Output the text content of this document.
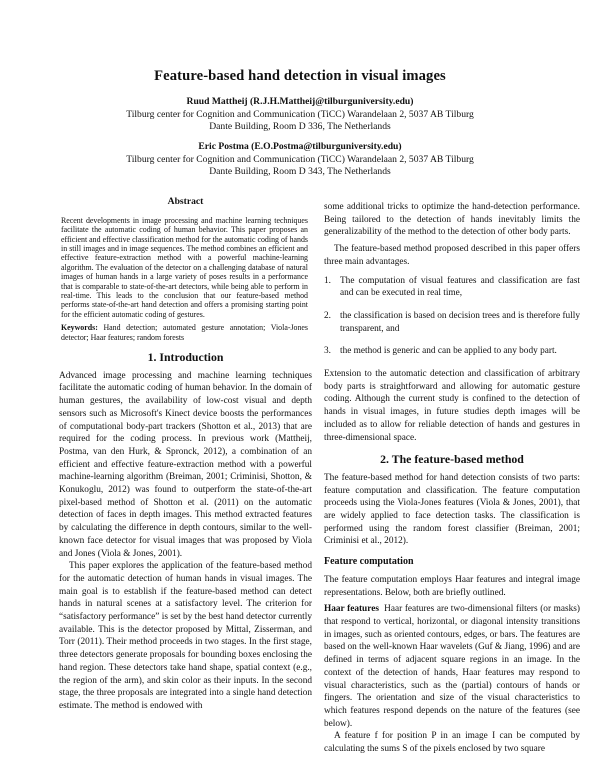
Feature-based hand detection in visual images
Ruud Mattheij (R.J.H.Mattheij@tilburguniversity.edu)
Tilburg center for Cognition and Communication (TiCC) Warandelaan 2, 5037 AB Tilburg
Dante Building, Room D 336, The Netherlands
Eric Postma (E.O.Postma@tilburguniversity.edu)
Tilburg center for Cognition and Communication (TiCC) Warandelaan 2, 5037 AB Tilburg
Dante Building, Room D 343, The Netherlands
Abstract

Recent developments in image processing and machine learning techniques facilitate the automatic coding of human behavior. This paper proposes an efficient and effective classification method for the automatic coding of hands in still images and in image sequences. The method combines an efficient and effective feature-extraction method with a powerful machine-learning algorithm. The evaluation of the detector on a challenging database of natural images of human hands in a large variety of poses results in a performance that is comparable to state-of-the-art detectors, while being able to perform in real-time. This leads to the conclusion that our feature-based method performs state-of-the-art hand detection and offers a promising starting point for the efficient automatic coding of gestures.

Keywords: Hand detection; automated gesture annotation; Viola-Jones detector; Haar features; random forests

1. Introduction

Advanced image processing and machine learning techniques facilitate the automatic coding of human behavior. In the domain of human gestures, the availability of low-cost visual and depth sensors such as Microsoft's Kinect device boosts the performances of computational body-part trackers (Shotton et al., 2013) that are required for the coding process. In previous work (Mattheij, Postma, van den Hurk, & Spronck, 2012), a combination of an efficient and effective feature-extraction method with a powerful machine-learning algorithm (Breiman, 2001; Criminisi, Shotton, & Konukoglu, 2012) was found to outperform the state-of-the-art pixel-based method of Shotton et al. (2011) on the automatic detection of faces in depth images. This method extracted features by calculating the difference in depth contours, similar to the well-known face detector for visual images that was proposed by Viola and Jones (Viola & Jones, 2001).

This paper explores the application of the feature-based method for the automatic detection of human hands in visual images. The main goal is to establish if the feature-based method can detect hands in natural scenes at a satisfactory level. The criterion for “satisfactory performance” is set by the best hand detector currently available. This is the detector proposed by Mittal, Zisserman, and Torr (2011). Their method proceeds in two stages. In the first stage, three detectors generate proposals for bounding boxes enclosing the hand region. These detectors take hand shape, spatial context (e.g., the region of the arm), and skin color as their inputs. In the second stage, the three proposals are integrated into a single hand detection estimate. The method is endowed with

some additional tricks to optimize the hand-detection performance. Being tailored to the detection of hands inevitably limits the generalizability of the method to the detection of other body parts.

The feature-based method proposed described in this paper offers three main advantages.

1. The computation of visual features and classification are fast and can be executed in real time,
2. the classification is based on decision trees and is therefore fully transparent, and
3. the method is generic and can be applied to any body part.

Extension to the automatic detection and classification of arbitrary body parts is straightforward and allowing for automatic gesture coding. Although the current study is confined to the detection of hands in visual images, in future studies depth images will be included as to allow for reliable detection of hands and gestures in three-dimensional space.

2. The feature-based method

The feature-based method for hand detection consists of two parts: feature computation and classification. The feature computation proceeds using the Viola-Jones features (Viola & Jones, 2001), that are widely applied to face detection tasks. The classification is performed using the random forest classifier (Breiman, 2001; Criminisi et al., 2012).

Feature computation

The feature computation employs Haar features and integral image representations. Below, both are briefly outlined.

Haar features Haar features are two-dimensional filters (or masks) that respond to vertical, horizontal, or diagonal intensity transitions in images, such as oriented contours, edges, or bars. The features are based on the well-known Haar wavelets (Guf & Jiang, 1996) and are defined in terms of adjacent square regions in an image. In the context of the detection of hands, Haar features may respond to visual characteristics, such as the (partial) contours of hands or fingers. The orientation and size of the visual characteristics to which features respond depends on the nature of the features (see below).

A feature f for position P in an image I can be computed by calculating the sums S of the pixels enclosed by two square
